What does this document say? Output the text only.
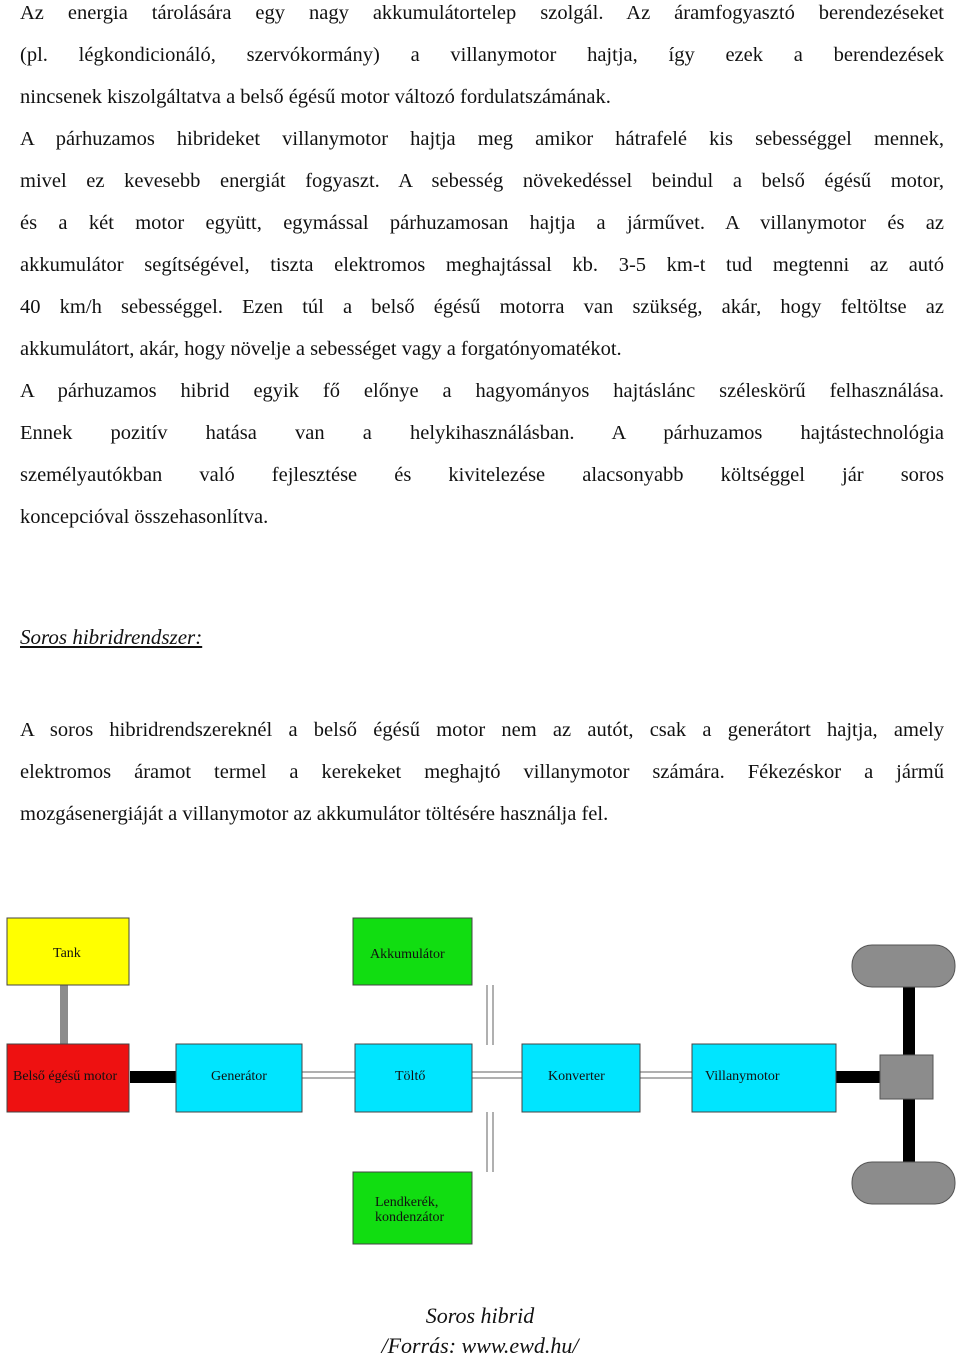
Az energia tárolására egy nagy akkumulátortelep szolgál. Az áramfogyasztó berendezéseket
(pl. légkondicionáló, szervókormány) a villanymotor hajtja, így ezek a berendezések
nincsenek kiszolgáltatva a belső égésű motor változó fordulatszámának.
A párhuzamos hibrideket villanymotor hajtja meg amikor hátrafelé kis sebességgel mennek,
mivel ez kevesebb energiát fogyaszt. A sebesség növekedéssel beindul a belső égésű motor,
és a két motor együtt, egymással párhuzamosan hajtja a járművet. A villanymotor és az
akkumulátor segítségével, tiszta elektromos meghajtással kb. 3-5 km-t tud megtenni az autó
40 km/h sebességgel. Ezen túl a belső égésű motorra van szükség, akár, hogy feltöltse az
akkumulátort, akár, hogy növelje a sebességet vagy a forgatónyomatékot.
A párhuzamos hibrid egyik fő előnye a hagyományos hajtáslánc széleskörű felhasználása.
Ennek pozitív hatása van a helykihasználásban. A párhuzamos hajtástechnológia
személyautókban való fejlesztése és kivitelezése alacsonyabb költséggel jár soros
koncepcióval összehasonlítva.
A soros hibridrendszereknél a belső égésű motor nem az autót, csak a generátort hajtja, amely
elektromos áramot termel a kerekeket meghajtó villanymotor számára. Fékezéskor a jármű
mozgásenergiáját a villanymotor az akkumulátor töltésére használja fel.
Soros hibridrendszer:
Tank
Belső égésű motor	Generátor
Akkumulátor
Töltő	Konverter	Villanymotor
Lendkerék,
kondenzátor
Soros hibrid
/Forrás: www.ewd.hu/
